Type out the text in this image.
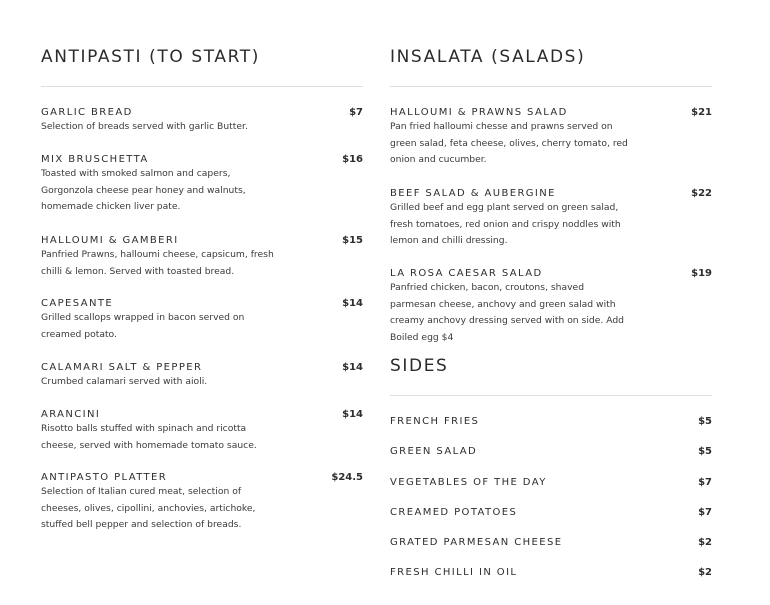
ANTIPASTI (TO START)
GARLIC BREAD	$7
Selection of breads served with garlic Butter.
MIX BRUSCHETTA	$16
Toasted with smoked salmon and capers, Gorgonzola cheese pear honey and walnuts, homemade chicken liver pate.
HALLOUMI & GAMBERI	$15
Panfried Prawns, halloumi cheese, capsicum, fresh chilli & lemon. Served with toasted bread.
CAPESANTE	$14
Grilled scallops wrapped in bacon served on creamed potato.
CALAMARI SALT & PEPPER	$14
Crumbed calamari served with aioli.
ARANCINI	$14
Risotto balls stuffed with spinach and ricotta cheese, served with homemade tomato sauce.
ANTIPASTO PLATTER	$24.5
Selection of Italian cured meat, selection of cheeses, olives, cipollini, anchovies, artichoke, stuffed bell pepper and selection of breads.
INSALATA (SALADS)
HALLOUMI & PRAWNS SALAD	$21
Pan fried halloumi chesse and prawns served on green salad, feta cheese, olives, cherry tomato, red onion and cucumber.
BEEF SALAD & AUBERGINE	$22
Grilled beef and egg plant served on green salad, fresh tomatoes, red onion and crispy noddles with lemon and chilli dressing.
LA ROSA CAESAR SALAD	$19
Panfried chicken, bacon, croutons, shaved parmesan cheese, anchovy and green salad with creamy anchovy dressing served with on side. Add Boiled egg $4
SIDES
FRENCH FRIES	$5
GREEN SALAD	$5
VEGETABLES OF THE DAY	$7
CREAMED POTATOES	$7
GRATED PARMESAN CHEESE	$2
FRESH CHILLI IN OIL	$2
